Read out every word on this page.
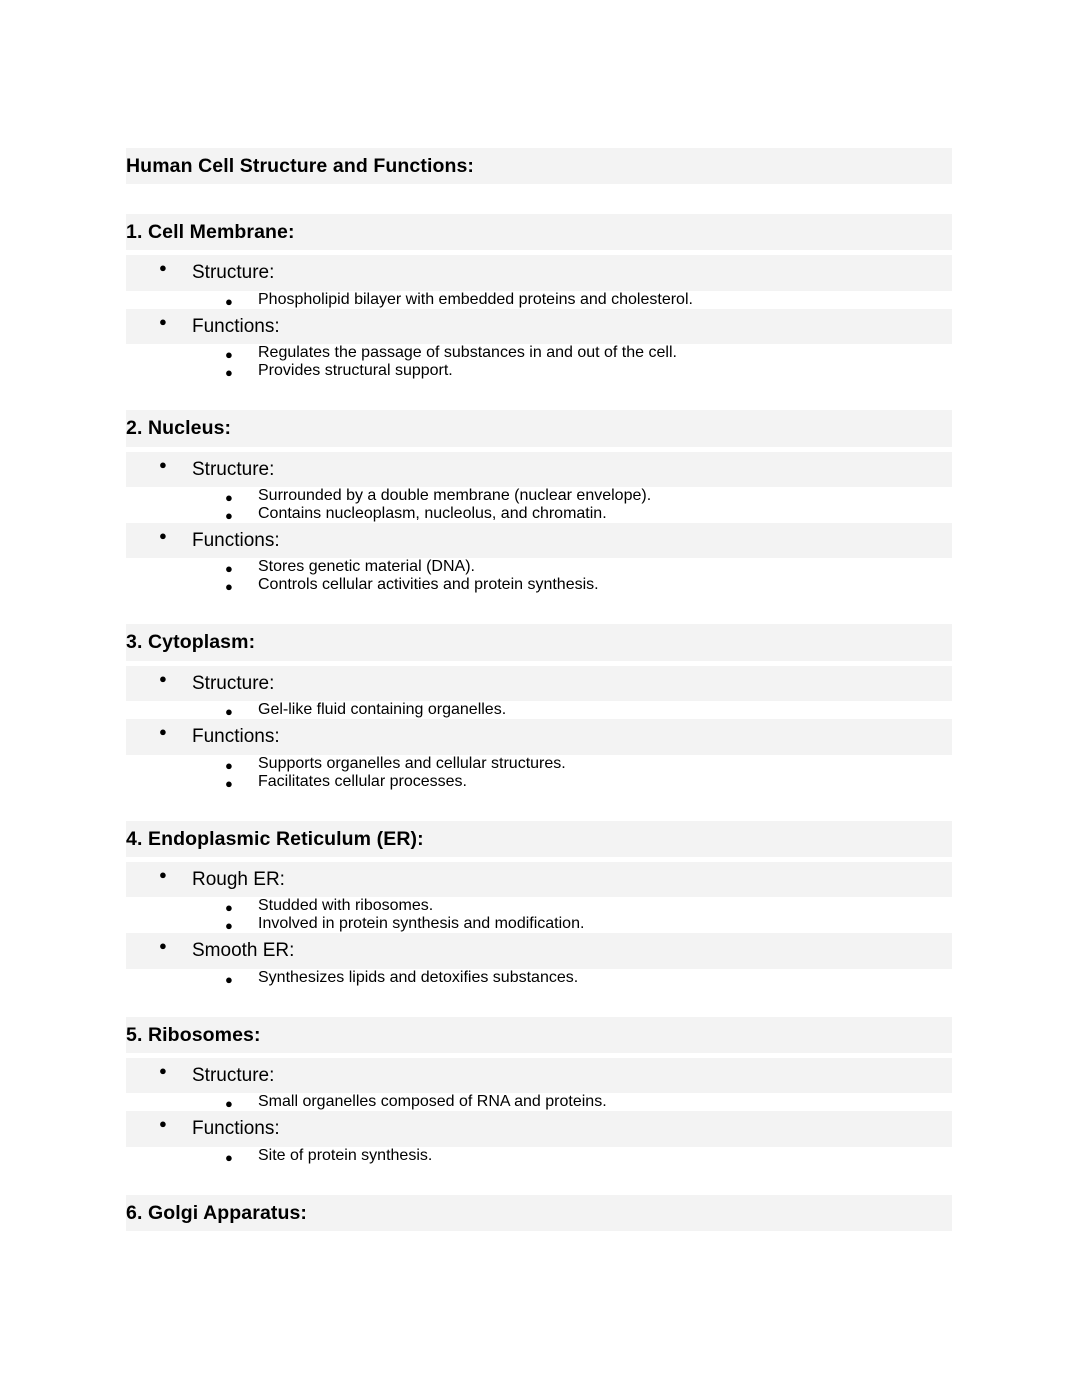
Human Cell Structure and Functions:
1. Cell Membrane:
● Structure:
● Phospholipid bilayer with embedded proteins and cholesterol.
● Functions:
● Regulates the passage of substances in and out of the cell.
● Provides structural support.
2. Nucleus:
● Structure:
● Surrounded by a double membrane (nuclear envelope).
● Contains nucleoplasm, nucleolus, and chromatin.
● Functions:
● Stores genetic material (DNA).
● Controls cellular activities and protein synthesis.
3. Cytoplasm:
● Structure:
● Gel-like fluid containing organelles.
● Functions:
● Supports organelles and cellular structures.
● Facilitates cellular processes.
4. Endoplasmic Reticulum (ER):
● Rough ER:
● Studded with ribosomes.
● Involved in protein synthesis and modification.
● Smooth ER:
● Synthesizes lipids and detoxifies substances.
5. Ribosomes:
● Structure:
● Small organelles composed of RNA and proteins.
● Functions:
● Site of protein synthesis.
6. Golgi Apparatus:
